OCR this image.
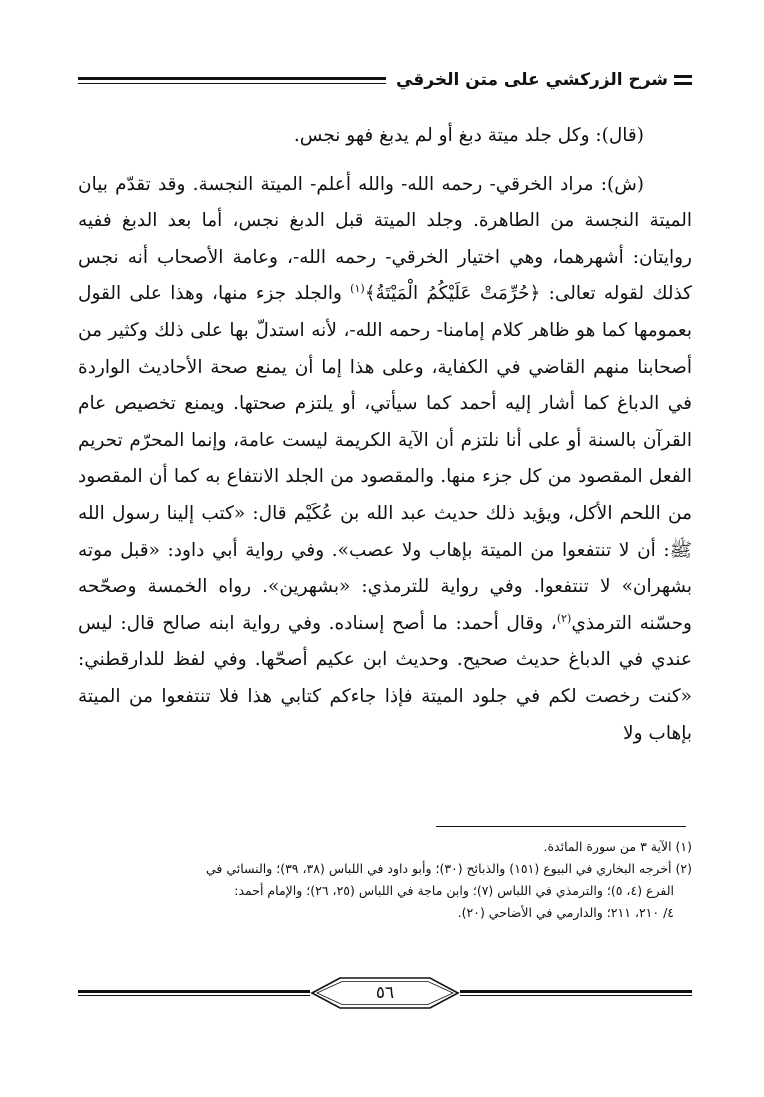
شرح الزركشي على متن الخرقي

(قال): وكل جلد ميتة دبغ أو لم يدبغ فهو نجس.

(ش): مراد الخرقي- رحمه الله- والله أعلم- الميتة النجسة. وقد تقدّم بيان الميتة النجسة من الطاهرة. وجلد الميتة قبل الدبغ نجس، أما بعد الدبغ ففيه روايتان: أشهرهما، وهي اختيار الخرقي- رحمه الله-، وعامة الأصحاب أنه نجس كذلك لقوله تعالى: ﴿حُرِّمَتْ عَلَيْكُمُ الْمَيْتَةُ﴾$^{(١)}$ والجلد جزء منها، وهذا على القول بعمومها كما هو ظاهر كلام إمامنا- رحمه الله-، لأنه استدلّ بها على ذلك وكثير من أصحابنا منهم القاضي في الكفاية، وعلى هذا إما أن يمنع صحة الأحاديث الواردة في الدباغ كما أشار إليه أحمد كما سيأتي، أو يلتزم صحتها. ويمنع تخصيص عام القرآن بالسنة أو على أنا نلتزم أن الآية الكريمة ليست عامة، وإنما المحرّم تحريم الفعل المقصود من كل جزء منها. والمقصود من الجلد الانتفاع به كما أن المقصود من اللحم الأكل، ويؤيد ذلك حديث عبد الله بن عُكَيْم قال: «كتب إلينا رسول الله ﷺ: أن لا تنتفعوا من الميتة بإهاب ولا عصب». وفي رواية أبي داود: «قبل موته بشهران» لا تنتفعوا. وفي رواية للترمذي: «بشهرين». رواه الخمسة وصحّحه وحسّنه الترمذي$^{(٢)}$، وقال أحمد: ما أصح إسناده. وفي رواية ابنه صالح قال: ليس عندي في الدباغ حديث صحيح. وحديث ابن عكيم أصحّها. وفي لفظ للدارقطني: «كنت رخصت لكم في جلود الميتة فإذا جاءكم كتابي هذا فلا تنتفعوا من الميتة بإهاب ولا

(١) الآية ٣ من سورة المائدة.

(٢) أخرجه البخاري في البيوع (١٥١) والذبائح (٣٠)؛ وأبو داود في اللباس (٣٨، ٣٩)؛ والنسائي في

الفرع (٤، ٥)؛ والترمذي في اللباس (٧)؛ وابن ماجة في اللباس (٢٥، ٢٦)؛ والإمام أحمد:

٤/ ٢١٠، ٢١١؛ والدارمي في الأضاحي (٢٠).

٥٦
